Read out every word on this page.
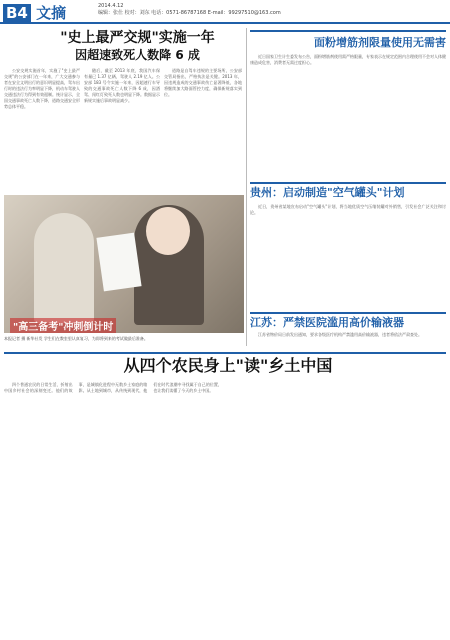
B4 文摘	2014.4.12
编辑：张仕 校对：刘东 电话：0571-86787168 E-mail：99297510@163.com
"史上最严交规"实施一年
因超速致死人数降 6 成

公安交规实施首年，实施了"史上最严交规"的公安部门在一年来，广大交通参与者在安全文明出行的意识明显提高，驾车出行时的违法行为率明显下降，机动车驾驶人交通违法行为得到有效遏制。统计显示，全国交通事故死亡人数下降，道路交通安全形势总体平稳。

随后，截至 2013 年底，我国汽车保有量已 1.37 亿辆，驾驶人 2.19 亿人。公安部 183 号令实施一年来，因超速行车导致的交通事故死亡人数下降 6 成，因酒驾、闯红灯致死人数也明显下降。数据显示新规实施后事故明显减少。

道路是自驾车违规的主要场所，公安部交管局指出，严格执法是关键。2013 年，因违规造成的交通事故伤亡显著降低，各地将继续加大路面管控力度，确保新规落实到位。

"高三备考"冲刺倒计时
本报记者 摄 新华社发 学生们在教室里认真复习，为即将到来的考试做最后准备。
面粉增筋剂限量使用无需害

近日国家卫生计生委发布公告，面粉增筋剂使用需严格限量，专家表示在规定范围内合理使用不会对人体健康造成危害，消费者无需过度担心。

贵州：启动制造"空气罐头"计划

近日，贵州省某地宣布启动"空气罐头"计划，将当地优质空气压缩装罐对外销售，引发社会广泛关注和讨论。

江苏：严禁医院滥用高价输液器

江苏省物价局日前发出通知，要求各级医疗机构严禁滥用高价输液器，违者将依法严肃查处。

从四个农民身上"读"乡土中国

四个普通农民的日常生活，折射出中国乡村社会的深刻变迁。他们的故事，是城镇化进程中无数乡土家庭的缩影。从土地到城市，从传统到现代，他们在时代浪潮中寻找属于自己的位置，也让我们读懂了今天的乡土中国。
